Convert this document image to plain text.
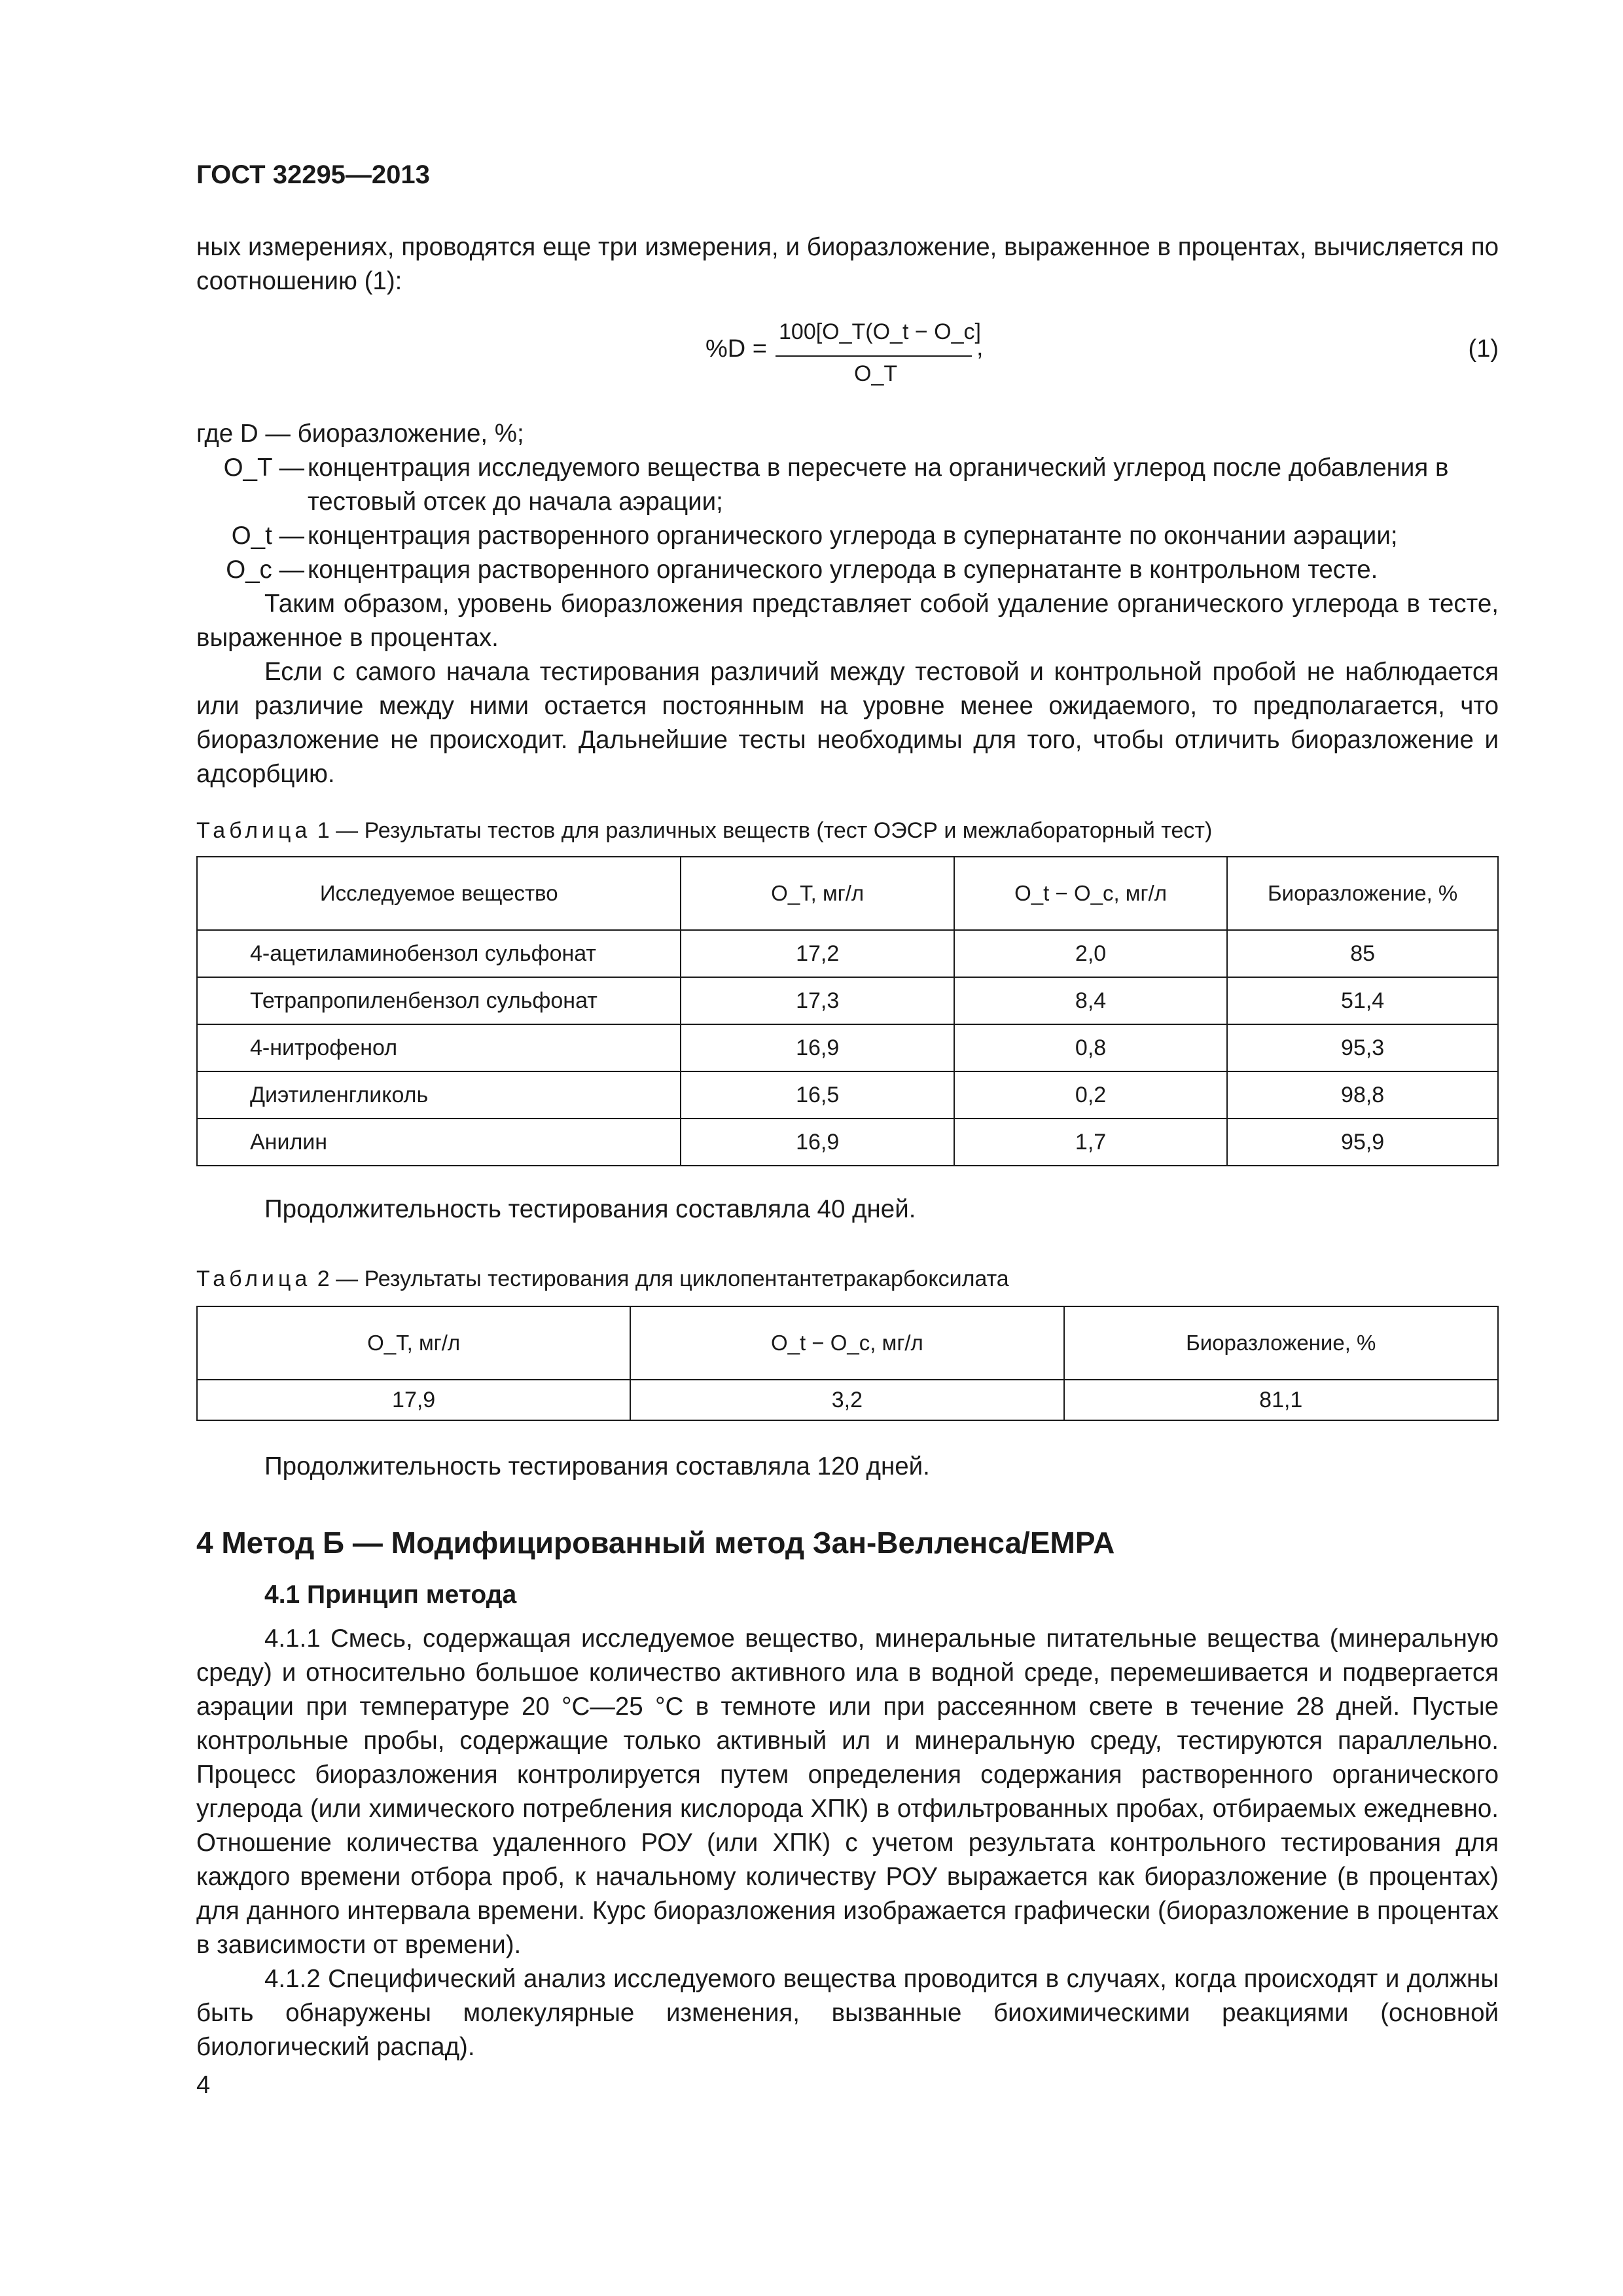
ГОСТ 32295—2013

ных измерениях, проводятся еще три измерения, и биоразложение, выраженное в процентах, вычисляется по соотношению (1):

%D =
100[O_T(O_t − O_c]
O_T
,	(1)
где D — биоразложение, %;
O_T — концентрация исследуемого вещества в пересчете на органический углерод после добавления в тестовый отсек до начала аэрации;
O_t — концентрация растворенного органического углерода в супернатанте по окончании аэрации;
O_c — концентрация растворенного органического углерода в супернатанте в контрольном тесте.

Таким образом, уровень биоразложения представляет собой удаление органического углерода в тесте, выраженное в процентах.

Если с самого начала тестирования различий между тестовой и контрольной пробой не наблюдается или различие между ними остается постоянным на уровне менее ожидаемого, то предполагается, что биоразложение не происходит. Дальнейшие тесты необходимы для того, чтобы отличить биоразложение и адсорбцию.

Таблица 1 — Результаты тестов для различных веществ (тест ОЭСР и межлабораторный тест)
Исследуемое вещество	O_T, мг/л	O_t − O_c, мг/л	Биоразложение, %
4-ацетиламинобензол сульфонат	17,2	2,0	85
Тетрапропиленбензол сульфонат	17,3	8,4	51,4
4-нитрофенол	16,9	0,8	95,3
Диэтиленгликоль	16,5	0,2	98,8
Анилин	16,9	1,7	95,9

Продолжительность тестирования составляла 40 дней.

Таблица 2 — Результаты тестирования для циклопентантетракарбоксилата
O_T, мг/л	O_t − O_c, мг/л	Биоразложение, %
17,9	3,2	81,1

Продолжительность тестирования составляла 120 дней.

4 Метод Б — Модифицированный метод Зан-Велленса/EMPA
4.1 Принцип метода

4.1.1 Смесь, содержащая исследуемое вещество, минеральные питательные вещества (минеральную среду) и относительно большое количество активного ила в водной среде, перемешивается и подвергается аэрации при температуре 20 °С—25 °С в темноте или при рассеянном свете в течение 28 дней. Пустые контрольные пробы, содержащие только активный ил и минеральную среду, тестируются параллельно. Процесс биоразложения контролируется путем определения содержания растворенного органического углерода (или химического потребления кислорода ХПК) в отфильтрованных пробах, отбираемых ежедневно. Отношение количества удаленного РОУ (или ХПК) с учетом результата контрольного тестирования для каждого времени отбора проб, к начальному количеству РОУ выражается как биоразложение (в процентах) для данного интервала времени. Курс биоразложения изображается графически (биоразложение в процентах в зависимости от времени).

4.1.2 Специфический анализ исследуемого вещества проводится в случаях, когда происходят и должны быть обнаружены молекулярные изменения, вызванные биохимическими реакциями (основной биологический распад).

4
